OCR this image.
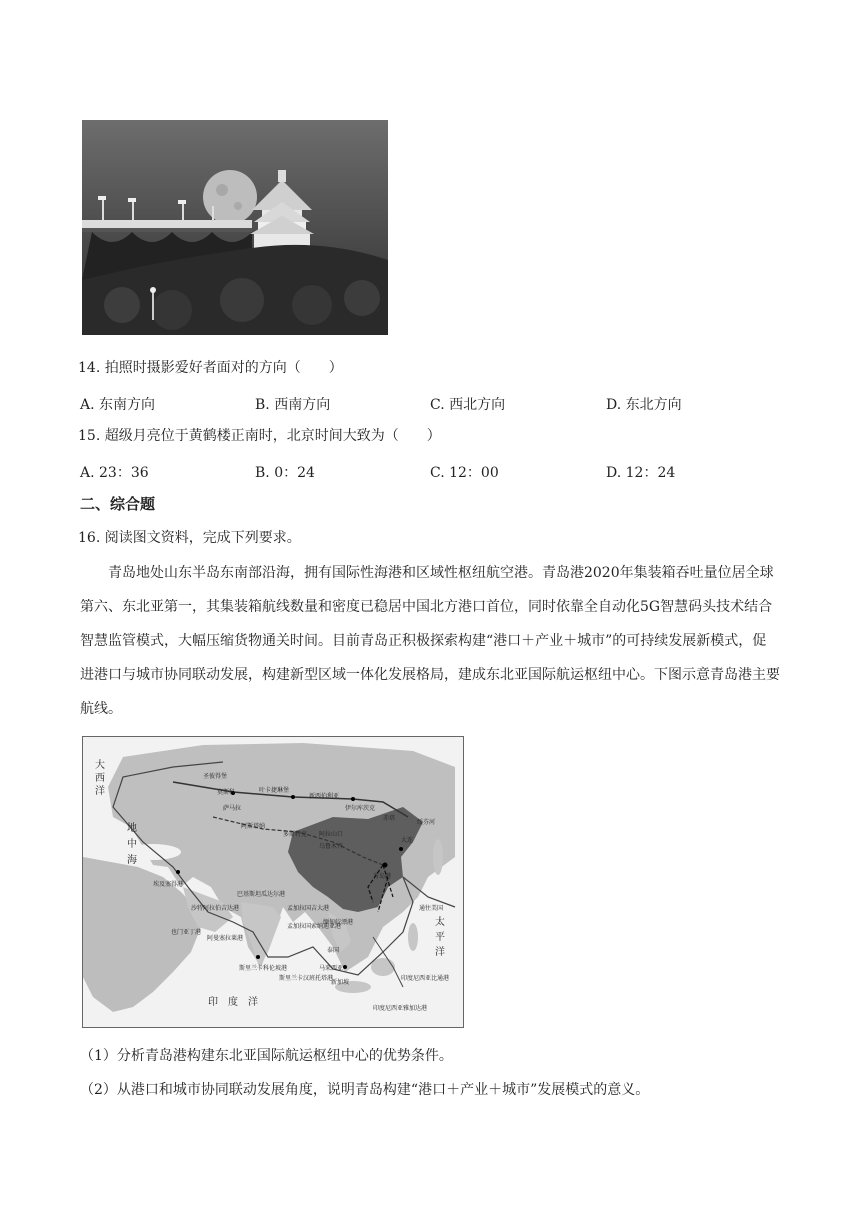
14. 拍照时摄影爱好者面对的方向（　　）
A. 东南方向	B. 西南方向	C. 西北方向	D. 东北方向
15. 超级月亮位于黄鹤楼正南时，北京时间大致为（　　）
A. 23：36	B. 0：24	C. 12：00	D. 12：24
二、综合题
16. 阅读图文资料，完成下列要求。

青岛地处山东半岛东南部沿海，拥有国际性海港和区域性枢纽航空港。青岛港2020年集装箱吞吐量位居全球第六、东北亚第一，其集装箱航线数量和密度已稳居中国北方港口首位，同时依靠全自动化5G智慧码头技术结合智慧监管模式，大幅压缩货物通关时间。目前青岛正积极探索构建“港口＋产业＋城市”的可持续发展新模式，促进港口与城市协同联动发展，构建新型区域一体化发展格局，建成东北亚国际航运枢纽中心。下图示意青岛港主要航线。

大
西
洋
地
中
海
太
平
洋
印　度　洋
圣彼得堡
莫斯科	叶卡捷琳堡
新西伯利亚
伊尔库茨克
赤塔
萨马拉
阿斯塔纳
多斯特克 阿拉山口
乌鲁木齐
青岛港
大连
绥芬河
埃及塞得港
沙特阿拉伯吉达港
也门亚丁港
阿曼塞拉莱港
巴基斯坦瓜达尔港
斯里兰卡科伦坡港
斯里兰卡汉班托塔港
孟加拉国吉大港
孟加拉国索纳迪亚港
缅甸皎漂港
泰国
新加坡
马来西亚
印度尼西亚雅加达港
印度尼西亚比通港
通往美国
（1）分析青岛港构建东北亚国际航运枢纽中心的优势条件。
（2）从港口和城市协同联动发展角度，说明青岛构建“港口＋产业＋城市”发展模式的意义。
